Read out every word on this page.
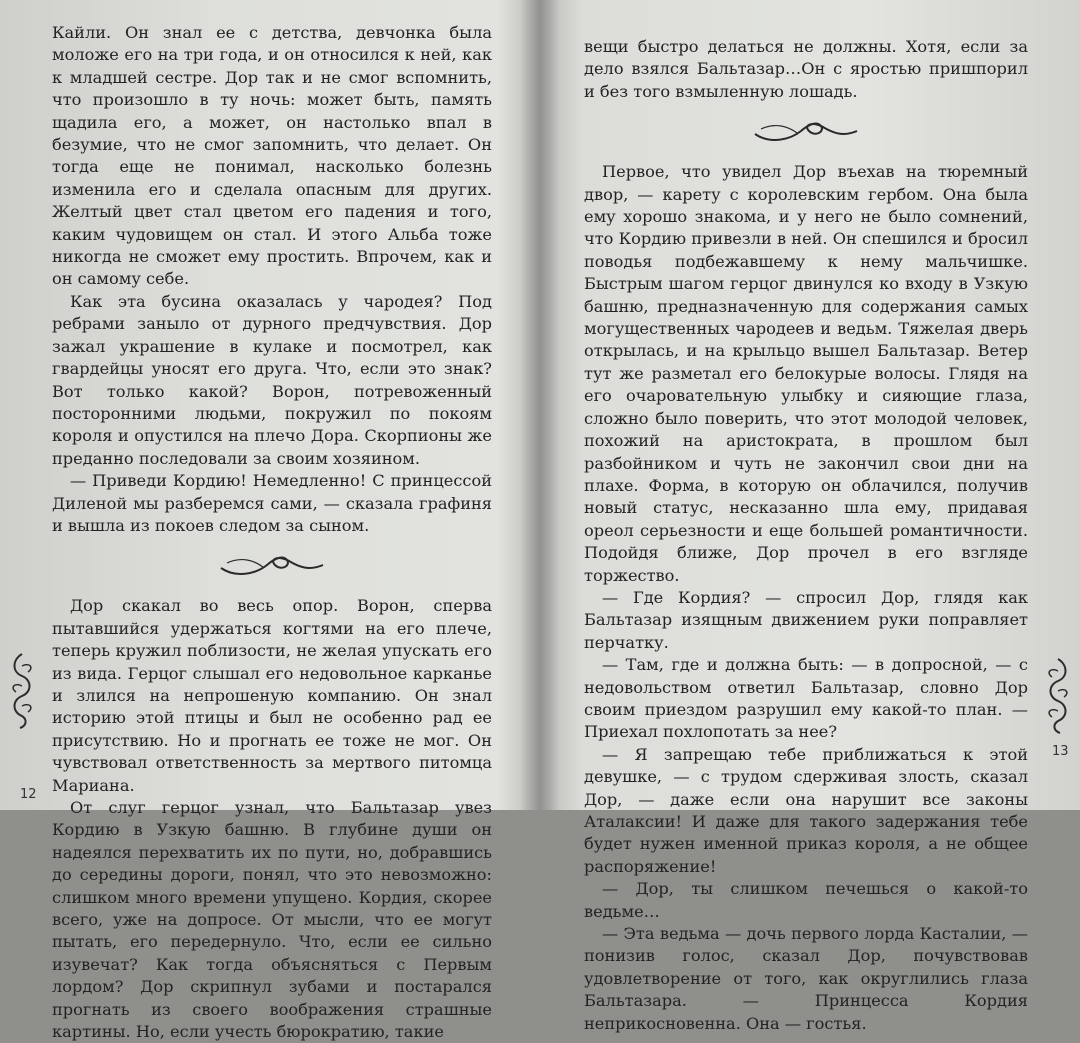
Кайли. Он знал ее с детства, девчонка была моложе его на три года, и он относился к ней, как к младшей сестре. Дор так и не смог вспомнить, что произошло в ту ночь: может быть, память щадила его, а может, он настолько впал в безумие, что не смог запомнить, что делает. Он тогда еще не понимал, насколько болезнь изменила его и сделала опасным для других. Желтый цвет стал цветом его падения и того, каким чудовищем он стал. И этого Альба тоже никогда не сможет ему простить. Впрочем, как и он самому себе.

Как эта бусина оказалась у чародея? Под ребрами заныло от дурного предчувствия. Дор зажал украшение в кулаке и посмотрел, как гвардейцы уносят его друга. Что, если это знак? Вот только какой? Ворон, потревоженный посторонними людьми, покружил по покоям короля и опустился на плечо Дора. Скорпионы же преданно последовали за своим хозяином.

— Приведи Кордию! Немедленно! С принцессой Диленой мы разберемся сами, — сказала графиня и вышла из покоев следом за сыном.

Дор скакал во весь опор. Ворон, сперва пытавшийся удержаться когтями на его плече, теперь кружил поблизости, не желая упускать его из вида. Герцог слышал его недовольное карканье и злился на непрошеную компанию. Он знал историю этой птицы и был не особенно рад ее присутствию. Но и прогнать ее тоже не мог. Он чувствовал ответственность за мертвого питомца Мариана.

От слуг герцог узнал, что Бальтазар увез Кордию в Узкую башню. В глубине души он надеялся перехватить их по пути, но, добравшись до середины дороги, понял, что это невозможно: слишком много времени упущено. Кордия, скорее всего, уже на допросе. От мысли, что ее могут пытать, его передернуло. Что, если ее сильно изувечат? Как тогда объясняться с Первым лордом? Дор скрипнул зубами и постарался прогнать из своего воображения страшные картины. Но, если учесть бюрократию, такие

вещи быстро делаться не должны. Хотя, если за дело взялся Бальтазар…Он с яростью пришпорил и без того взмыленную лошадь.

Первое, что увидел Дор въехав на тюремный двор, — карету с королевским гербом. Она была ему хорошо знакома, и у него не было сомнений, что Кордию привезли в ней. Он спешился и бросил поводья подбежавшему к нему мальчишке. Быстрым шагом герцог двинулся ко входу в Узкую башню, предназначенную для содержания самых могущественных чародеев и ведьм. Тяжелая дверь открылась, и на крыльцо вышел Бальтазар. Ветер тут же разметал его белокурые волосы. Глядя на его очаровательную улыбку и сияющие глаза, сложно было поверить, что этот молодой человек, похожий на аристократа, в прошлом был разбойником и чуть не закончил свои дни на плахе. Форма, в которую он облачился, получив новый статус, несказанно шла ему, придавая ореол серьезности и еще большей романтичности. Подойдя ближе, Дор прочел в его взгляде торжество.

— Где Кордия? — спросил Дор, глядя как Бальтазар изящным движением руки поправляет перчатку.

— Там, где и должна быть: — в допросной, — с недовольством ответил Бальтазар, словно Дор своим приездом разрушил ему какой-то план. — Приехал похлопотать за нее?

— Я запрещаю тебе приближаться к этой девушке, — с трудом сдерживая злость, сказал Дор, — даже если она нарушит все законы Аталаксии! И даже для такого задержания тебе будет нужен именной приказ короля, а не общее распоряжение!

— Дор, ты слишком печешься о какой-то ведьме…

— Эта ведьма — дочь первого лорда Касталии, — понизив голос, сказал Дор, почувствовав удовлетворение от того, как округлились глаза Бальтазара. — Принцесса Кордия неприкосновенна. Она — гостья.

12
13
